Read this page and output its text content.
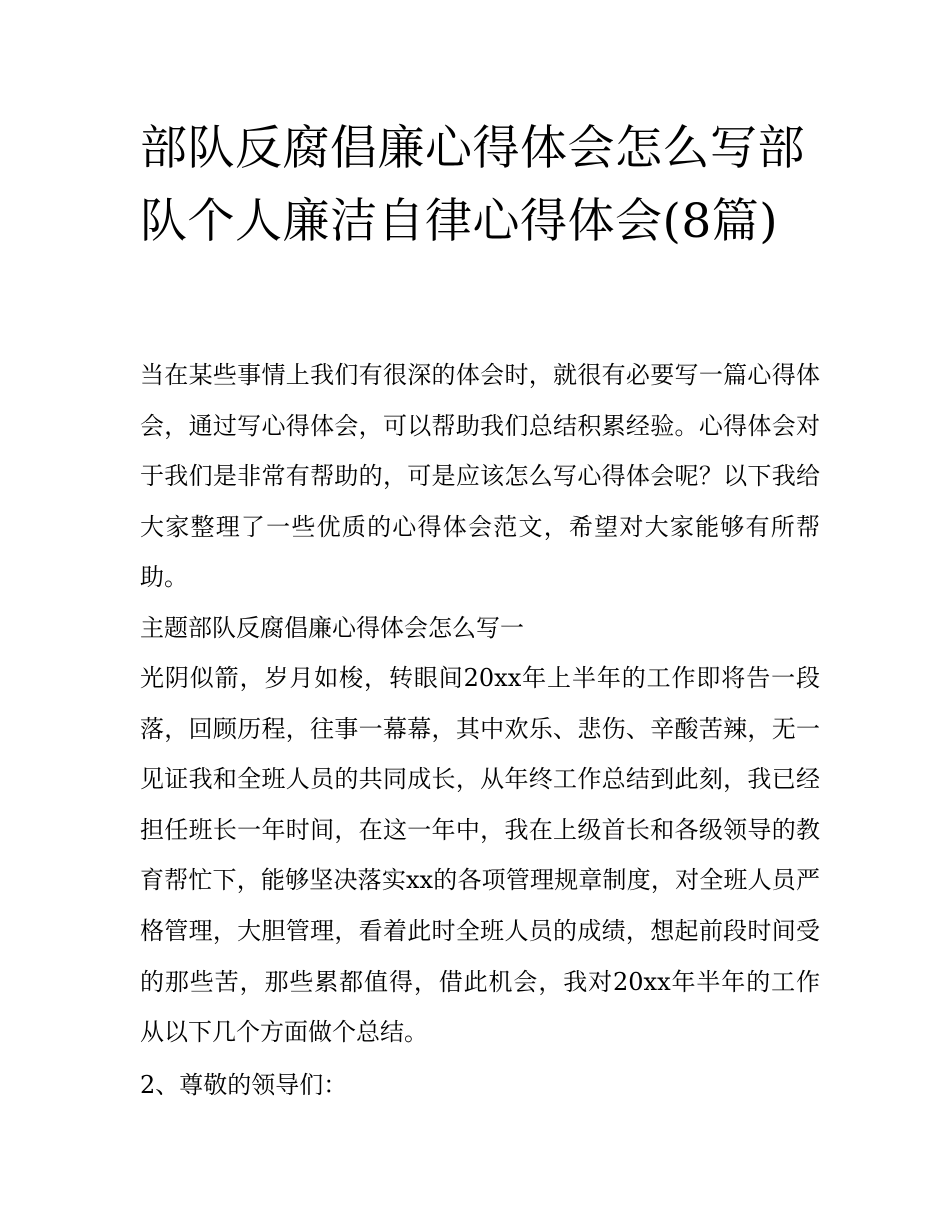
部队反腐倡廉心得体会怎么写部队个人廉洁自律心得体会(8篇)

当在某些事情上我们有很深的体会时，就很有必要写一篇心得体会，通过写心得体会，可以帮助我们总结积累经验。心得体会对于我们是非常有帮助的，可是应该怎么写心得体会呢？以下我给大家整理了一些优质的心得体会范文，希望对大家能够有所帮助。

主题部队反腐倡廉心得体会怎么写一

光阴似箭，岁月如梭，转眼间20xx年上半年的工作即将告一段落，回顾历程，往事一幕幕，其中欢乐、悲伤、辛酸苦辣，无一见证我和全班人员的共同成长，从年终工作总结到此刻，我已经担任班长一年时间，在这一年中，我在上级首长和各级领导的教育帮忙下，能够坚决落实xx的各项管理规章制度，对全班人员严格管理，大胆管理，看着此时全班人员的成绩，想起前段时间受的那些苦，那些累都值得，借此机会，我对20xx年半年的工作从以下几个方面做个总结。

2、尊敬的领导们：
